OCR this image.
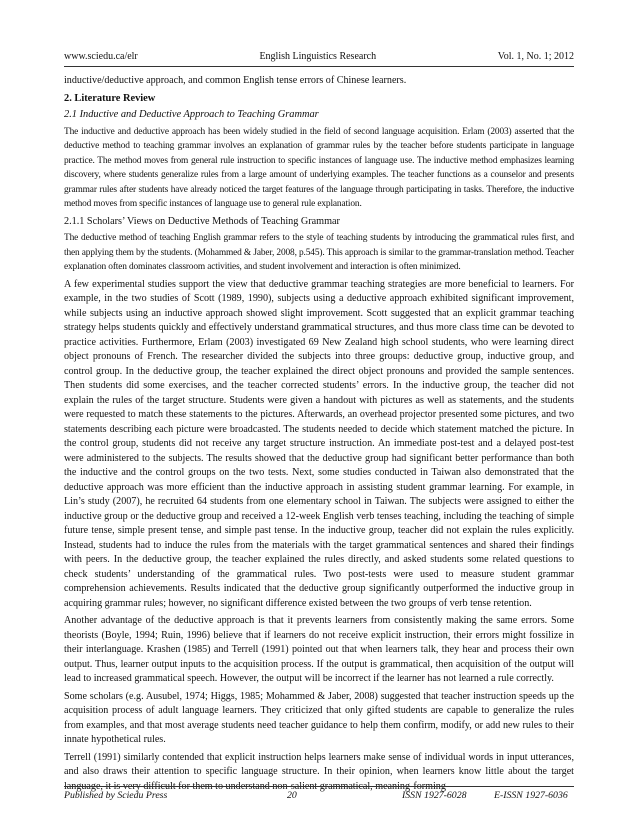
www.sciedu.ca/elr	English Linguistics Research	Vol. 1, No. 1; 2012

inductive/deductive approach, and common English tense errors of Chinese learners.

2. Literature Review
2.1 Inductive and Deductive Approach to Teaching Grammar

The inductive and deductive approach has been widely studied in the field of second language acquisition. Erlam (2003) asserted that the deductive method to teaching grammar involves an explanation of grammar rules by the teacher before students participate in language practice. The method moves from general rule instruction to specific instances of language use. The inductive method emphasizes learning discovery, where students generalize rules from a large amount of underlying examples. The teacher functions as a counselor and presents grammar rules after students have already noticed the target features of the language through participating in tasks. Therefore, the inductive method moves from specific instances of language use to general rule explanation.

2.1.1 Scholars’ Views on Deductive Methods of Teaching Grammar

The deductive method of teaching English grammar refers to the style of teaching students by introducing the grammatical rules first, and then applying them by the students. (Mohammed & Jaber, 2008, p.545). This approach is similar to the grammar-translation method. Teacher explanation often dominates classroom activities, and student involvement and interaction is often minimized.

A few experimental studies support the view that deductive grammar teaching strategies are more beneficial to learners. For example, in the two studies of Scott (1989, 1990), subjects using a deductive approach exhibited significant improvement, while subjects using an inductive approach showed slight improvement. Scott suggested that an explicit grammar teaching strategy helps students quickly and effectively understand grammatical structures, and thus more class time can be devoted to practice activities. Furthermore, Erlam (2003) investigated 69 New Zealand high school students, who were learning direct object pronouns of French. The researcher divided the subjects into three groups: deductive group, inductive group, and control group. In the deductive group, the teacher explained the direct object pronouns and provided the sample sentences. Then students did some exercises, and the teacher corrected students’ errors. In the inductive group, the teacher did not explain the rules of the target structure. Students were given a handout with pictures as well as statements, and the students were requested to match these statements to the pictures. Afterwards, an overhead projector presented some pictures, and two statements describing each picture were broadcasted. The students needed to decide which statement matched the picture. In the control group, students did not receive any target structure instruction. An immediate post-test and a delayed post-test were administered to the subjects. The results showed that the deductive group had significant better performance than both the inductive and the control groups on the two tests. Next, some studies conducted in Taiwan also demonstrated that the deductive approach was more efficient than the inductive approach in assisting student grammar learning. For example, in Lin’s study (2007), he recruited 64 students from one elementary school in Taiwan. The subjects were assigned to either the inductive group or the deductive group and received a 12-week English verb tenses teaching, including the teaching of simple future tense, simple present tense, and simple past tense. In the inductive group, teacher did not explain the rules explicitly. Instead, students had to induce the rules from the materials with the target grammatical sentences and shared their findings with peers. In the deductive group, the teacher explained the rules directly, and asked students some related questions to check students’ understanding of the grammatical rules. Two post-tests were used to measure student grammar comprehension achievements. Results indicated that the deductive group significantly outperformed the inductive group in acquiring grammar rules; however, no significant difference existed between the two groups of verb tense retention.

Another advantage of the deductive approach is that it prevents learners from consistently making the same errors. Some theorists (Boyle, 1994; Ruin, 1996) believe that if learners do not receive explicit instruction, their errors might fossilize in their interlanguage. Krashen (1985) and Terrell (1991) pointed out that when learners talk, they hear and process their own output. Thus, learner output inputs to the acquisition process. If the output is grammatical, then acquisition of the output will lead to increased grammatical speech. However, the output will be incorrect if the learner has not learned a rule correctly.

Some scholars (e.g. Ausubel, 1974; Higgs, 1985; Mohammed & Jaber, 2008) suggested that teacher instruction speeds up the acquisition process of adult language learners. They criticized that only gifted students are capable to generalize the rules from examples, and that most average students need teacher guidance to help them confirm, modify, or add new rules to their innate hypothetical rules.

Terrell (1991) similarly contended that explicit instruction helps learners make sense of individual words in input utterances, and also draws their attention to specific language structure. In their opinion, when learners know little about the target language, it is very difficult for them to understand non-salient grammatical, meaning-forming

Published by Sciedu Press	20	ISSN 1927-6028	E-ISSN 1927-6036
